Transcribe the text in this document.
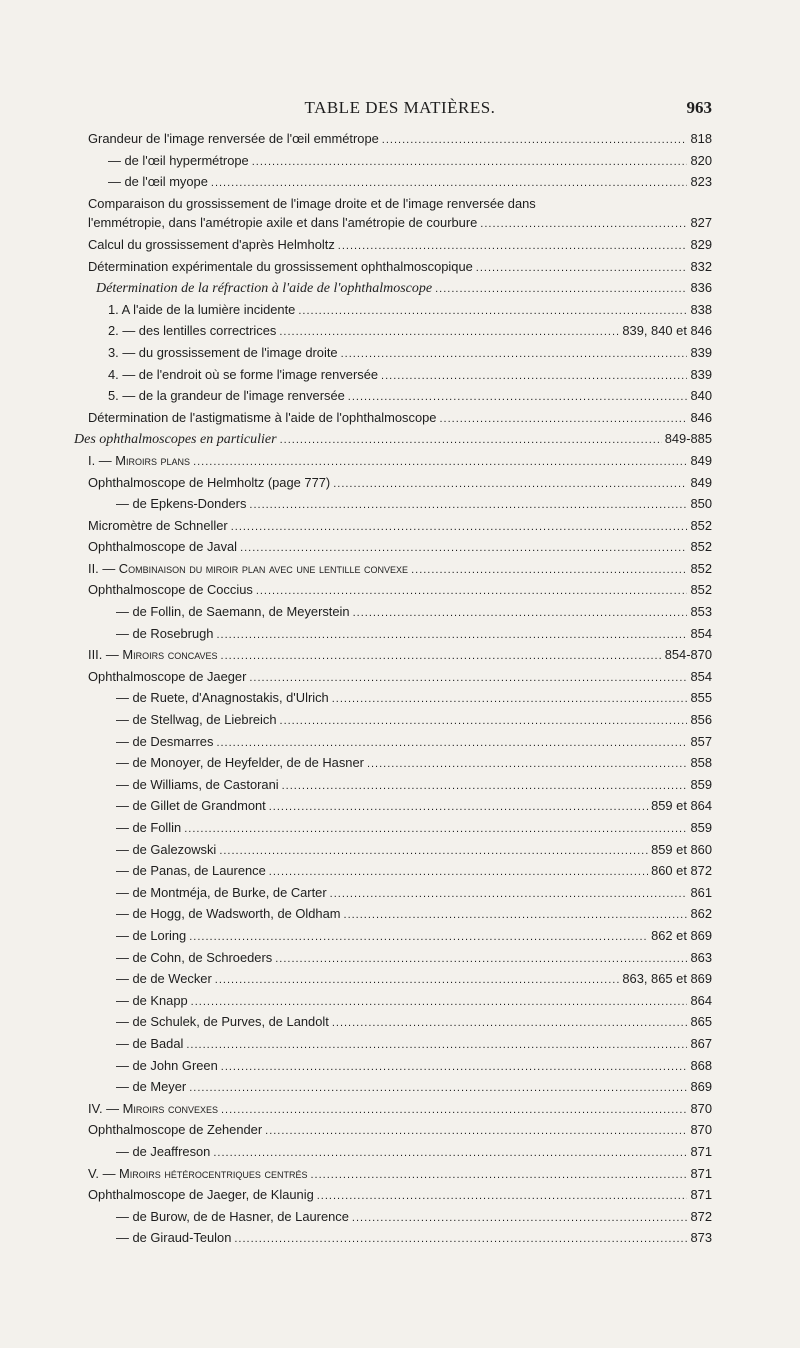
TABLE DES MATIÈRES.	963
Grandeur de l'image renversée de l'œil emmétrope .....	818
— de l'œil hypermétrope .....	820
— de l'œil myope .....	823
Comparaison du grossissement de l'image droite et de l'image renversée dans
l'emmétropie, dans l'amétropie axile et dans l'amétropie de courbure .....	827
Calcul du grossissement d'après Helmholtz .....	829
Détermination expérimentale du grossissement ophthalmoscopique .....	832
Détermination de la réfraction à l'aide de l'ophthalmoscope .....	836
1. A l'aide de la lumière incidente .....	838
2. — des lentilles correctrices .....	839, 840 et 846
3. — du grossissement de l'image droite .....	839
4. — de l'endroit où se forme l'image renversée .....	839
5. — de la grandeur de l'image renversée .....	840
Détermination de l'astigmatisme à l'aide de l'ophthalmoscope .....	846
Des ophthalmoscopes en particulier .....	849-885
I. — Miroirs plans .....	849
Ophthalmoscope de Helmholtz (page 777) .....	849
— de Epkens-Donders .....	850
Micromètre de Schneller .....	852
Ophthalmoscope de Javal .....	852
II. — Combinaison du miroir plan avec une lentille convexe .....	852
Ophthalmoscope de Coccius .....	852
— de Follin, de Saemann, de Meyerstein .....	853
— de Rosebrugh .....	854
III. — Miroirs concaves .....	854-870
Ophthalmoscope de Jaeger .....	854
— de Ruete, d'Anagnostakis, d'Ulrich .....	855
— de Stellwag, de Liebreich .....	856
— de Desmarres .....	857
— de Monoyer, de Heyfelder, de de Hasner .....	858
— de Williams, de Castorani .....	859
— de Gillet de Grandmont .....	859 et 864
— de Follin .....	859
— de Galezowski .....	859 et 860
— de Panas, de Laurence .....	860 et 872
— de Montméja, de Burke, de Carter .....	861
— de Hogg, de Wadsworth, de Oldham .....	862
— de Loring .....	862 et 869
— de Cohn, de Schroeders .....	863
— de de Wecker .....	863, 865 et 869
— de Knapp .....	864
— de Schulek, de Purves, de Landolt .....	865
— de Badal .....	867
— de John Green .....	868
— de Meyer .....	869
IV. — Miroirs convexes .....	870
Ophthalmoscope de Zehender .....	870
— de Jeaffreson .....	871
V. — Miroirs hétérocentriques centrés .....	871
Ophthalmoscope de Jaeger, de Klaunig .....	871
— de Burow, de de Hasner, de Laurence .....	872
— de Giraud-Teulon .....	873
